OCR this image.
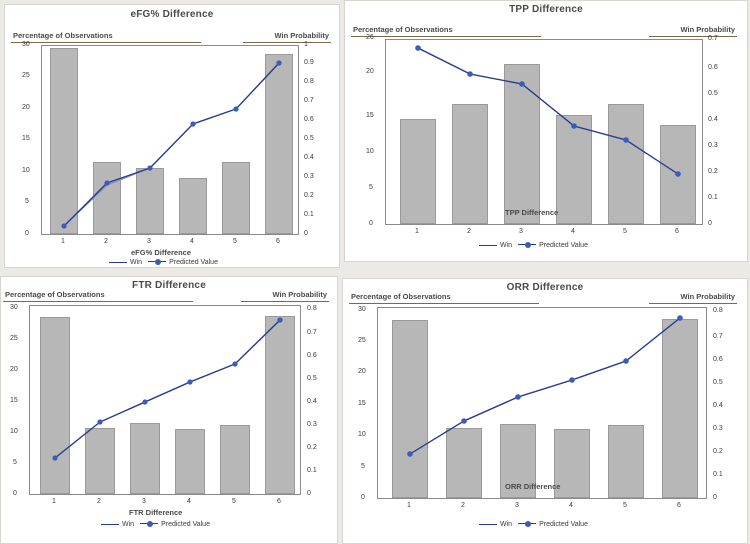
eFG% Difference
Percentage of Observations	Win Probability
0
5
10
15
20
25
30
0
0.1
0.2
0.3
0.4
0.5
0.6
0.7
0.8
0.9
1
1	2	3	4	5	6
eFG% Difference
Win	Predicted Value
TPP Difference
Percentage of Observations	Win Probability
0
5
10
15
20
26
0
0.1
0.2
0.3
0.4
0.5
0.6
0.7
1	2	3	4	5	6
TPP Difference
Win	Predicted Value
FTR Difference
Percentage of Observations	Win Probability
0
5
10
15
20
25
30
0
0.1
0.2
0.3
0.4
0.5
0.6
0.7
0.8
1	2	3	4	5	6
FTR Difference
Win	Predicted Value
ORR Difference
Percentage of Observations	Win Probability
0
5
10
15
20
25
30
0
0.1
0.2
0.3
0.4
0.5
0.6
0.7
0.8
1	2	3	4	5	6
ORR Difference
Win	Predicted Value
